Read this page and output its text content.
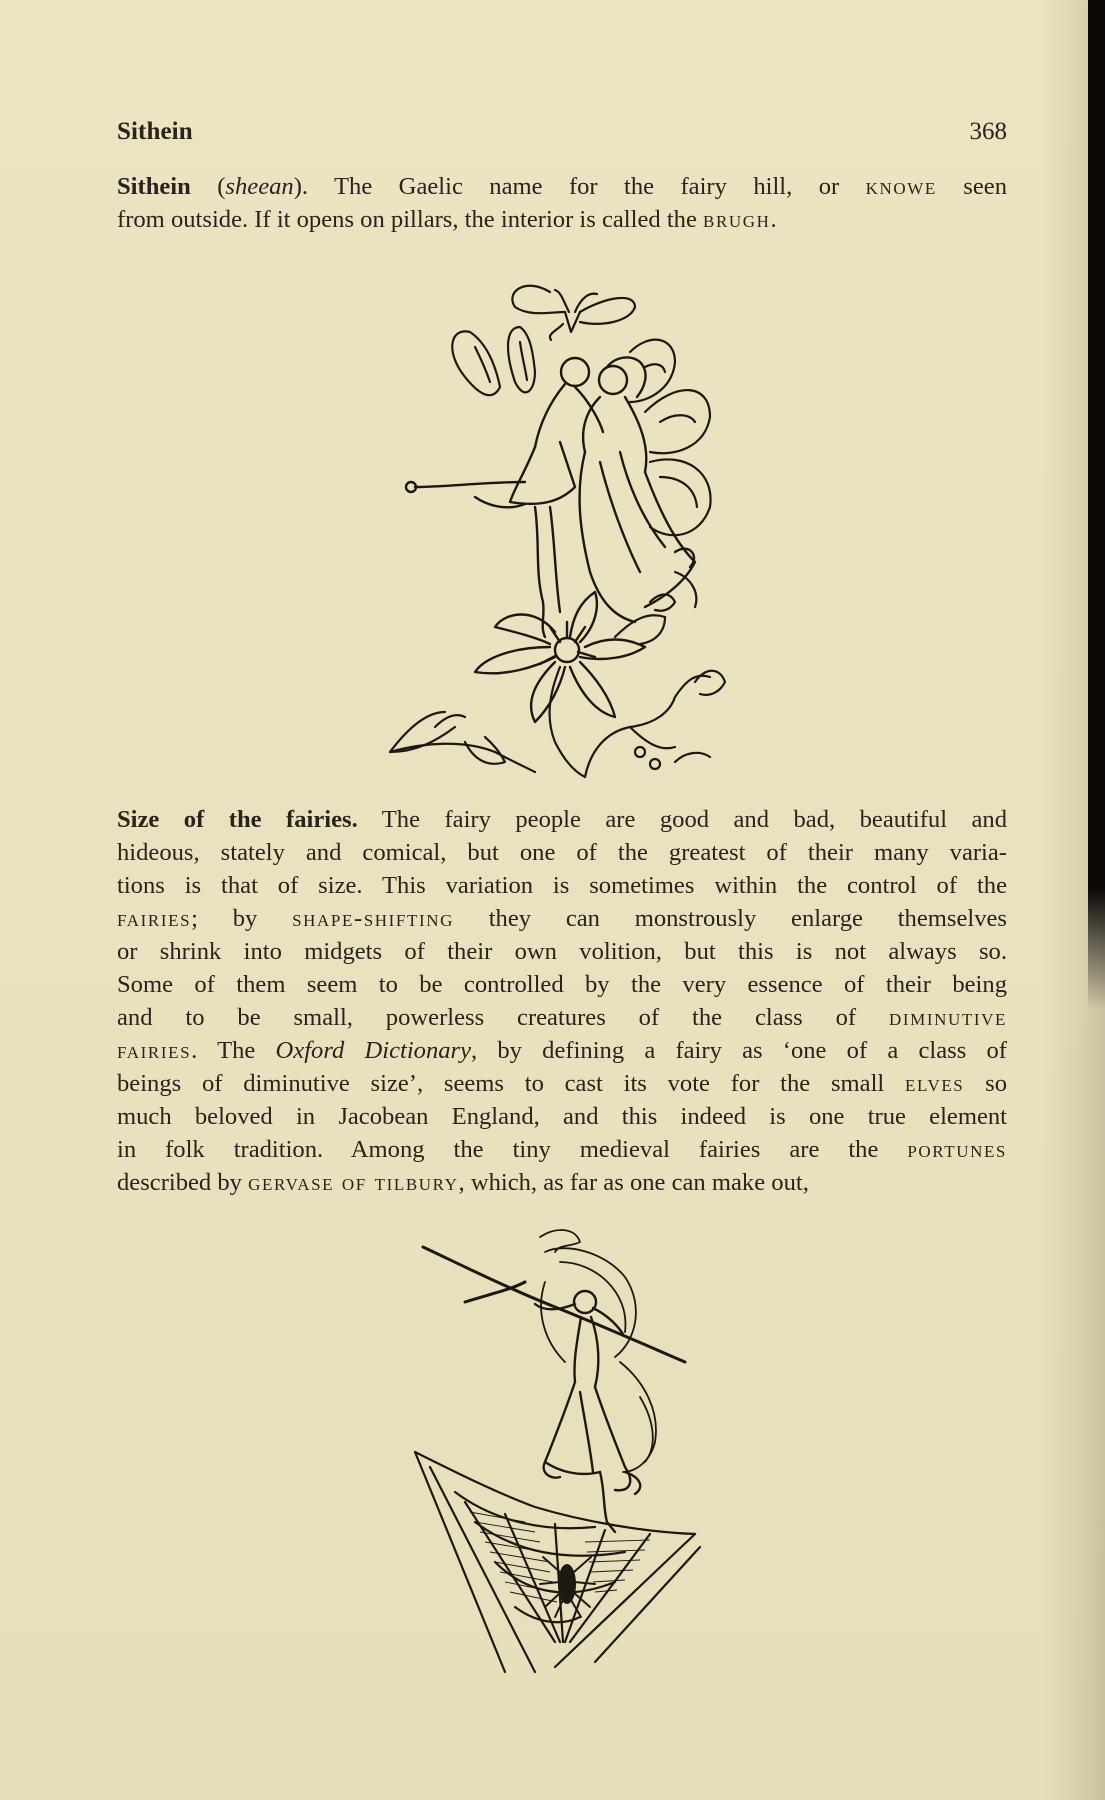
Sithein	368
Sithein (sheean). The Gaelic name for the fairy hill, or knowe seen
from outside. If it opens on pillars, the interior is called the brugh.
Size of the fairies. The fairy people are good and bad, beautiful and
hideous, stately and comical, but one of the greatest of their many varia-
tions is that of size. This variation is sometimes within the control of the
fairies; by shape-shifting they can monstrously enlarge themselves
or shrink into midgets of their own volition, but this is not always so.
Some of them seem to be controlled by the very essence of their being
and to be small, powerless creatures of the class of diminutive
fairies. The Oxford Dictionary, by defining a fairy as ‘one of a class of
beings of diminutive size’, seems to cast its vote for the small elves so
much beloved in Jacobean England, and this indeed is one true element
in folk tradition. Among the tiny medieval fairies are the portunes
described by gervase of tilbury, which, as far as one can make out,
